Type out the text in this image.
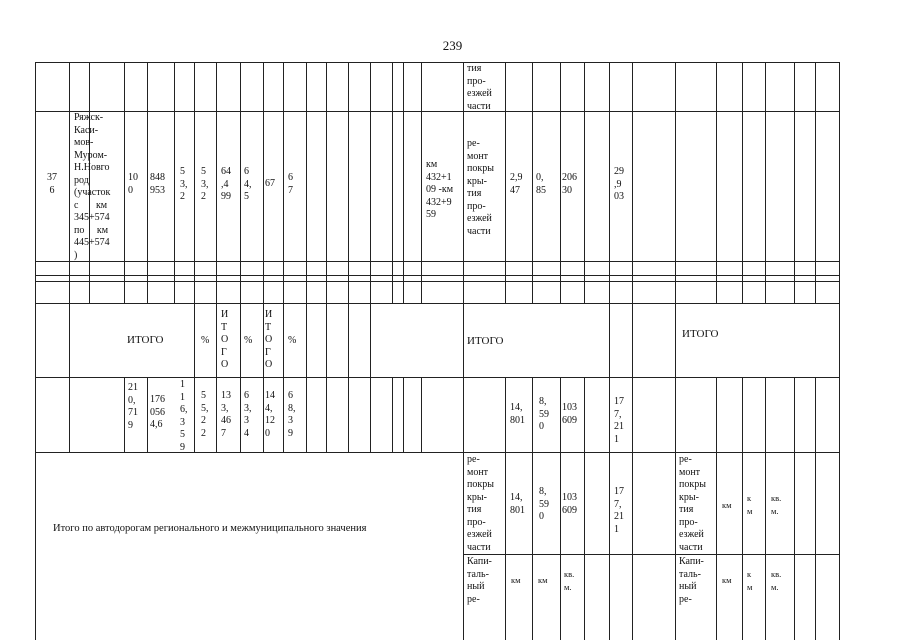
239
тия
про-
езжей
части
37
6
Ряжск-
Каси-
мов-
Муром-
Н.Новго
род
(участок
с       км
345+574
по     км
445+574
)
10
0
848
953
5
3,
2
5
3,
2
64
,4
99
6
4,
5
67
6
7
км
432+1
09 -км
432+9
59
ре-
монт
покры
кры-
тия
про-
езжей
части
2,9
47
0,
85
206
30
29
,9
03
ИТОГО	%
И
Т
О
Г
О
%
И
Т
О
Г
О
%	ИТОГО
ИТОГО
21
0,
71
9
176
056
4,6
1
1
6,
3
5
9
5
5,
2
2
13
3,
46
7
6
3,
3
4
14
4,
12
0
6
8,
3
9
14,
801
8,
59
0
103
609
17
7,
21
1
Итого по автодорогам регионального и межмуниципального значения
ре-
монт
покры
кры-
тия
про-
езжей
части
14,
801
8,
59
0
103
609
17
7,
21
1
ре-
монт
покры
кры-
тия
про-
езжей
части
км
к
м
кв.
м.
Капи-
таль-
ный
ре-
км км
кв.
м.
Капи-
таль-
ный
ре-
км
к
м
кв.
м.
